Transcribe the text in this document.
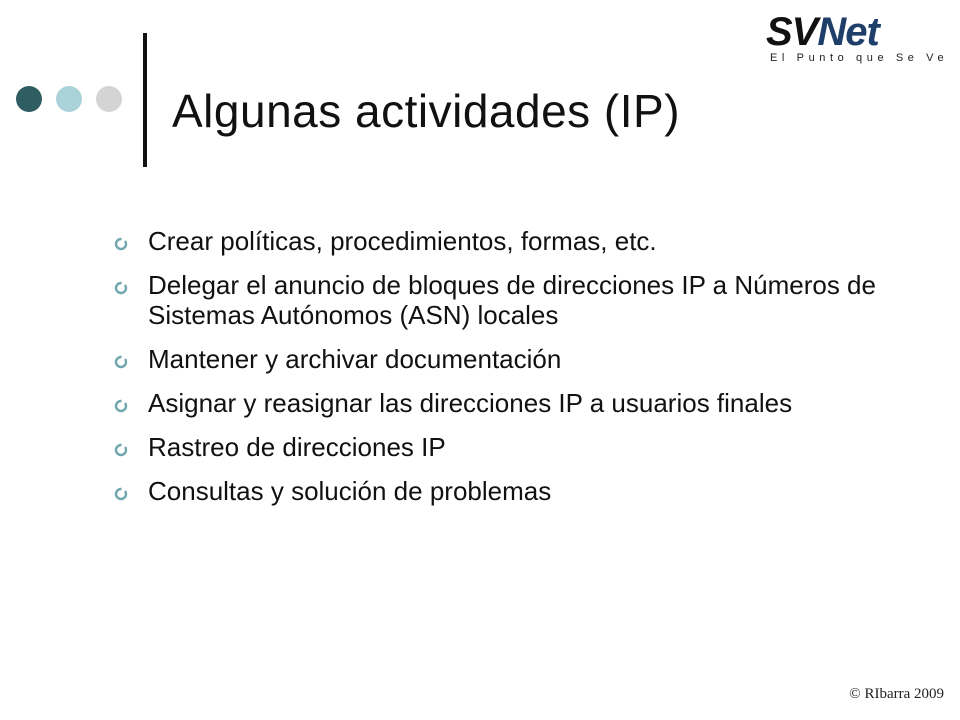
Algunas actividades (IP)
SVNet
El Punto que Se Ve
Crear políticas, procedimientos, formas, etc.
Delegar el anuncio de bloques de direcciones IP a Números de Sistemas Autónomos (ASN) locales
Mantener y archivar documentación
Asignar y reasignar las direcciones IP a usuarios finales
Rastreo de direcciones IP
Consultas y solución de problemas
© RIbarra 2009
